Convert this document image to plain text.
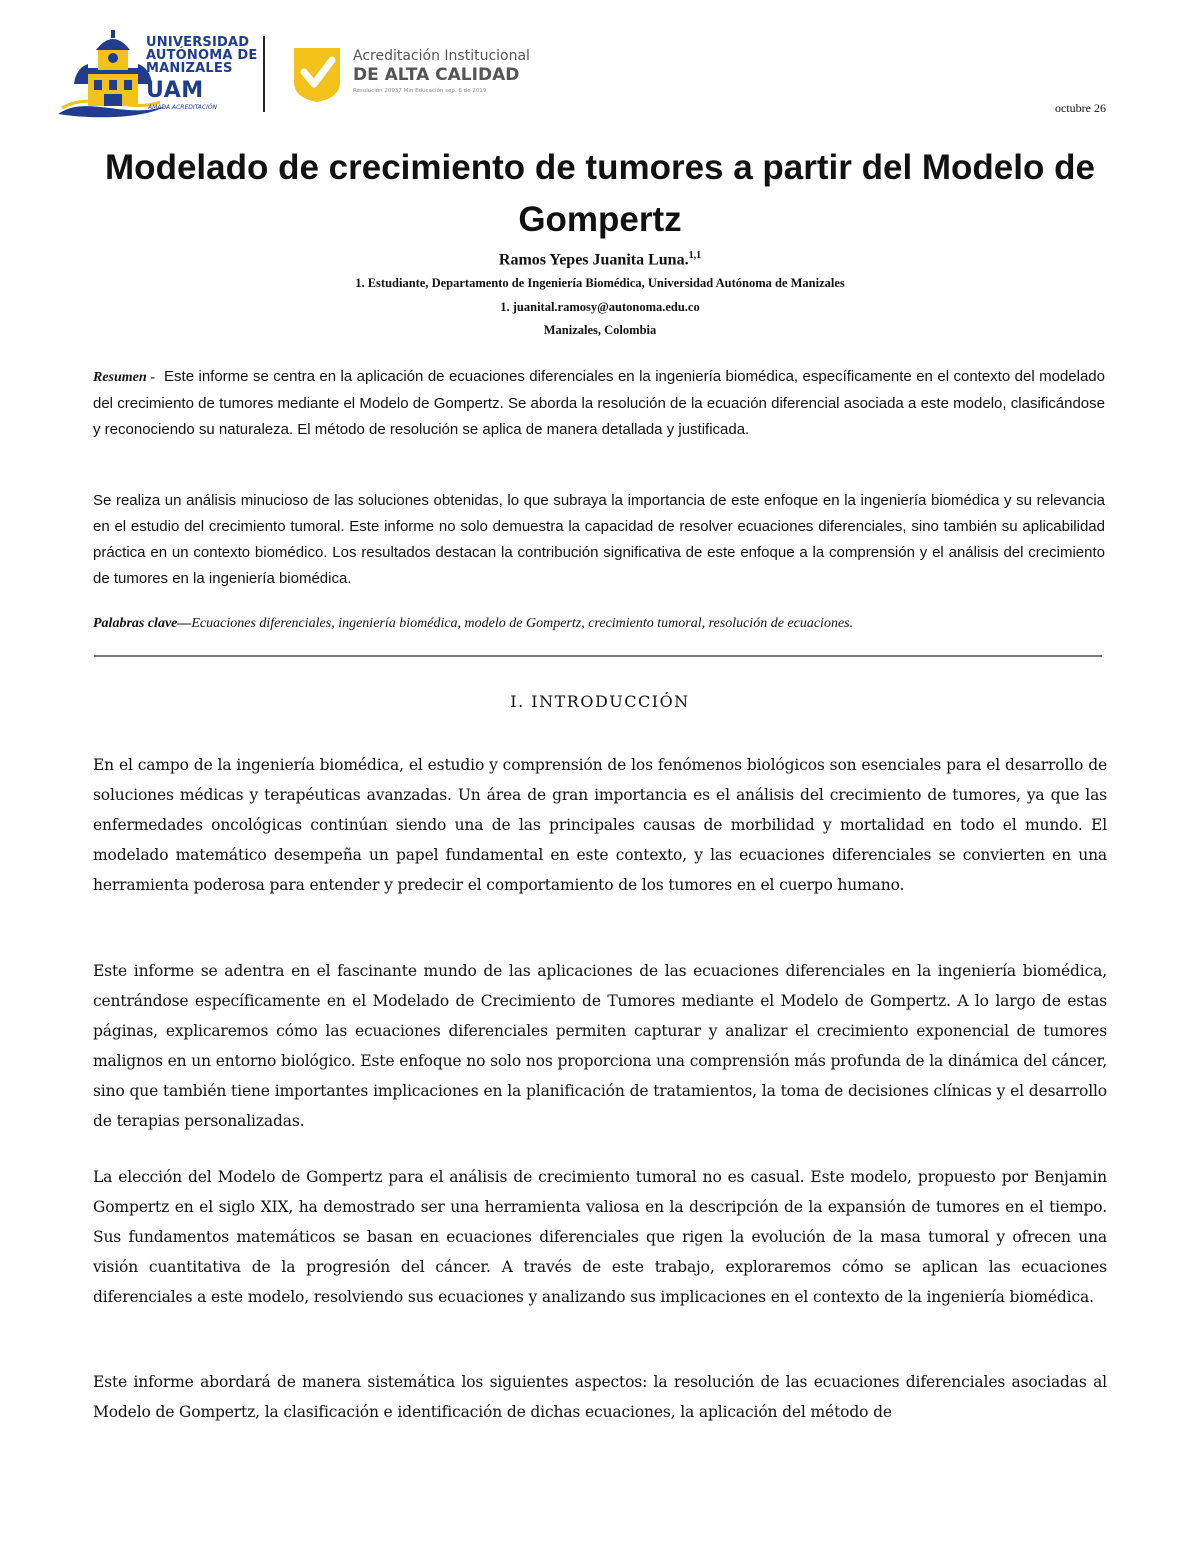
UNIVERSIDAD
AUTÓNOMA DE
MANIZALES
UAM
AMADA ACREDITACIÓN
Acreditación Institucional
DE ALTA CALIDAD
Resolución 20937 Min Educación sep. 6 de 2019
octubre 26
Modelado de crecimiento de tumores a partir del Modelo de Gompertz
Ramos Yepes Juanita Luna.$^{1,1}$
1. Estudiante, Departamento de Ingeniería Biomédica, Universidad Autónoma de Manizales
1. juanital.ramosy@autonoma.edu.co
Manizales, Colombia
Resumen - Este informe se centra en la aplicación de ecuaciones diferenciales en la ingeniería biomédica, específicamente en el contexto del modelado del crecimiento de tumores mediante el Modelo de Gompertz. Se aborda la resolución de la ecuación diferencial asociada a este modelo, clasificándose y reconociendo su naturaleza. El método de resolución se aplica de manera detallada y justificada.
Se realiza un análisis minucioso de las soluciones obtenidas, lo que subraya la importancia de este enfoque en la ingeniería biomédica y su relevancia en el estudio del crecimiento tumoral. Este informe no solo demuestra la capacidad de resolver ecuaciones diferenciales, sino también su aplicabilidad práctica en un contexto biomédico. Los resultados destacan la contribución significativa de este enfoque a la comprensión y el análisis del crecimiento de tumores en la ingeniería biomédica.
Palabras clave—Ecuaciones diferenciales, ingeniería biomédica, modelo de Gompertz, crecimiento tumoral, resolución de ecuaciones.
I. INTRODUCCIÓN
En el campo de la ingeniería biomédica, el estudio y comprensión de los fenómenos biológicos son esenciales para el desarrollo de soluciones médicas y terapéuticas avanzadas. Un área de gran importancia es el análisis del crecimiento de tumores, ya que las enfermedades oncológicas continúan siendo una de las principales causas de morbilidad y mortalidad en todo el mundo. El modelado matemático desempeña un papel fundamental en este contexto, y las ecuaciones diferenciales se convierten en una herramienta poderosa para entender y predecir el comportamiento de los tumores en el cuerpo humano.
Este informe se adentra en el fascinante mundo de las aplicaciones de las ecuaciones diferenciales en la ingeniería biomédica, centrándose específicamente en el Modelado de Crecimiento de Tumores mediante el Modelo de Gompertz. A lo largo de estas páginas, explicaremos cómo las ecuaciones diferenciales permiten capturar y analizar el crecimiento exponencial de tumores malignos en un entorno biológico. Este enfoque no solo nos proporciona una comprensión más profunda de la dinámica del cáncer, sino que también tiene importantes implicaciones en la planificación de tratamientos, la toma de decisiones clínicas y el desarrollo de terapias personalizadas.
La elección del Modelo de Gompertz para el análisis de crecimiento tumoral no es casual. Este modelo, propuesto por Benjamin Gompertz en el siglo XIX, ha demostrado ser una herramienta valiosa en la descripción de la expansión de tumores en el tiempo. Sus fundamentos matemáticos se basan en ecuaciones diferenciales que rigen la evolución de la masa tumoral y ofrecen una visión cuantitativa de la progresión del cáncer. A través de este trabajo, exploraremos cómo se aplican las ecuaciones diferenciales a este modelo, resolviendo sus ecuaciones y analizando sus implicaciones en el contexto de la ingeniería biomédica.
Este informe abordará de manera sistemática los siguientes aspectos: la resolución de las ecuaciones diferenciales asociadas al Modelo de Gompertz, la clasificación e identificación de dichas ecuaciones, la aplicación del método de
